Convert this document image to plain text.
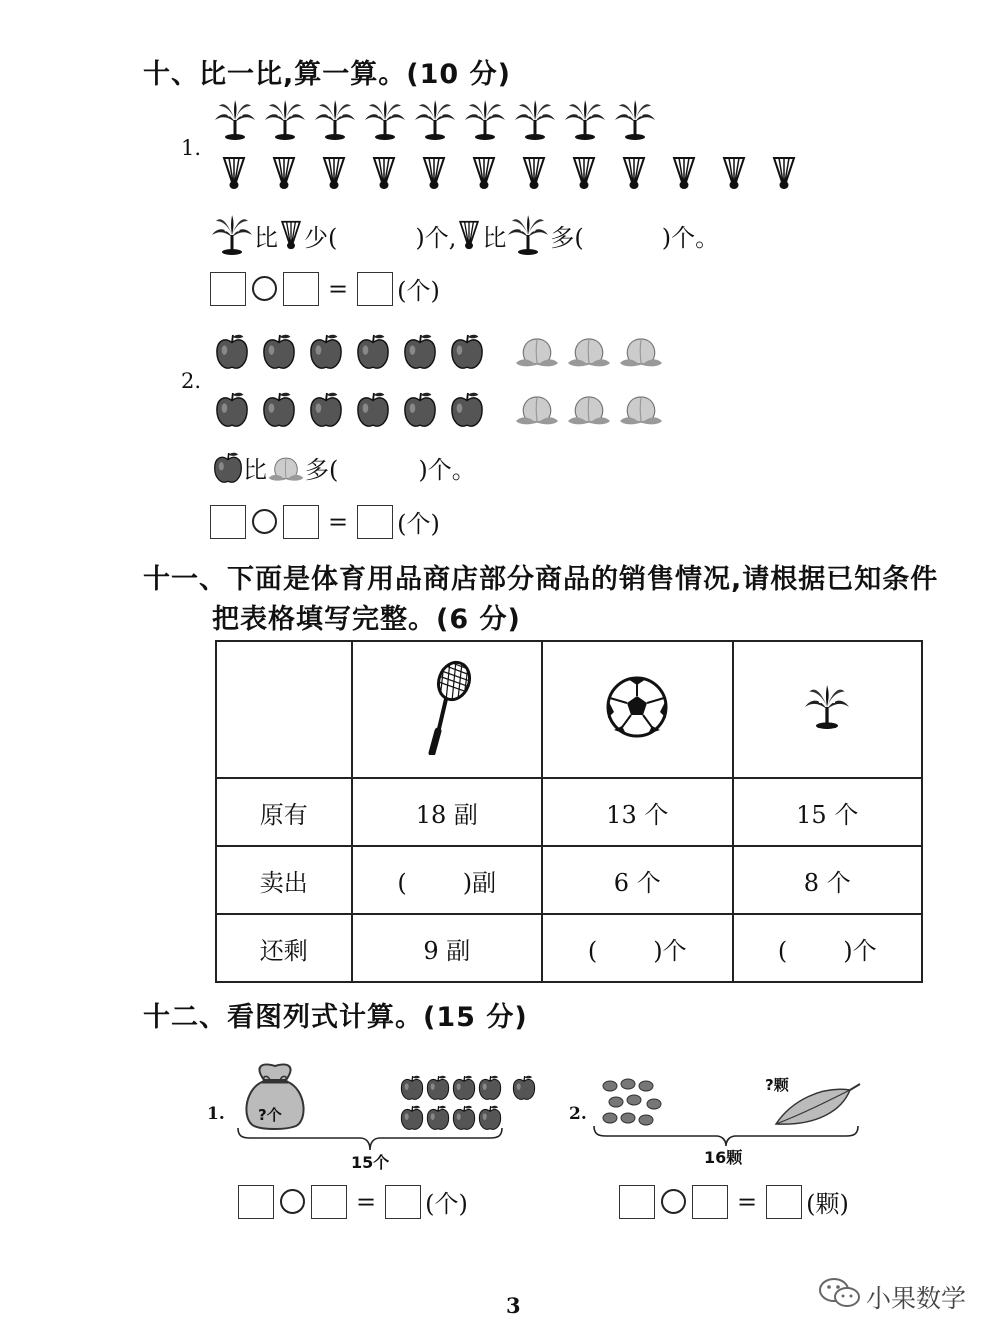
十、比一比,算一算。(10 分)
1.
比 少(	)个, 比 多(	)个。
= (个)
2.
比 多(	)个。
= (个)
十一、下面是体育用品商店部分商品的销售情况,请根据已知条件
把表格填写完整。(6 分)

原有	18 副	13 个	15 个
卖出	( )副	6 个	8 个
还剩	9 副	( )个	( )个
十二、看图列式计算。(15 分)
1. ?个
15个
= (个)
2.
?颗
16颗
= (颗)
3	小果数学
